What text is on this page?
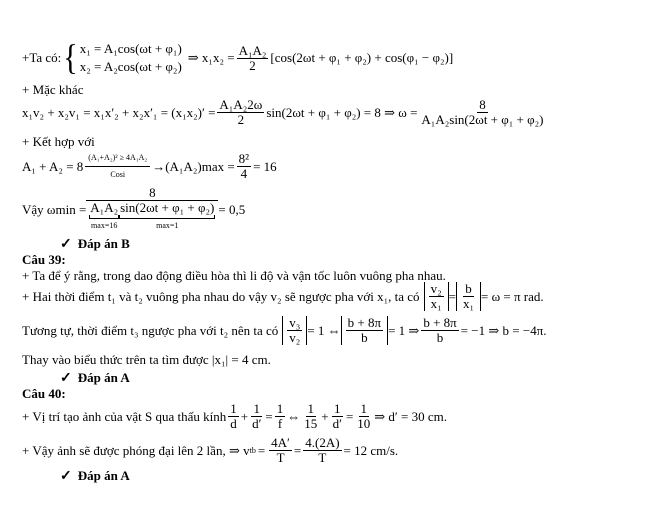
+Ta có: { x₁ = A₁cos(ωt + φ₁)
x₂ = A₂cos(ωt + φ₂)
⇒ $x_1x_2 = \frac{\text{A₁A₂}}{2} [\cos(2\omega t + \varphi_1 + \varphi_2) + \cos(\varphi_1 - \varphi_2)]$
+ Mặc khác
$x_1v_2 + x_2v_1 = x_1x'_2 + x_2x'_1 = (x_1x_2)' = \frac{\text{A₁A₂2ω}}{2} \sin(2\omega t + \varphi_1 + \varphi_2) = 8$ ⇒ $\omega = \frac{8}{\text{A₁A₂sin(2ωt + φ₁ + φ₂)}}$
+ Kết hợp với
$A_1 + A_2 = 8 \frac{\text{(A₁+A₂)² ≥ 4A₁A₂}}{\text{Cosi}} \to (A_1A_2)\max = \frac{\text{8²}}{4} = 16$
Vậy ωmin =
8
A₁A₂
max=16
sin(2ωt + φ₁ + φ₂)
max=1
= 0,5
✓ Đáp án B
Câu 39:
+ Ta để ý rằng, trong dao động điều hòa thì li độ và vận tốc luôn vuông pha nhau.
+ Hai thời điểm t₁ và t₂ vuông pha nhau do vậy v₂ sẽ ngược pha với x₁, ta có $\frac{\text{v₂}}{\text{x₁}} = \frac{b}{\text{x₁}} = \omega = \pi$ rad.
Tương tự, thời điểm t₃ ngược pha với t₂ nên ta có $\frac{\text{v₃}}{\text{v₂}} = 1$ ⇔ $\frac{b + 8\pi}{b} = 1$ ⇒ $\frac{b + 8\pi}{b} = -1$ ⇒ b = −4π.
Thay vào biểu thức trên ta tìm được |x₁| = 4 cm.
✓ Đáp án A
Câu 40:
+ Vị trí tạo ảnh của vật S qua thấu kính $\frac{1}{d} + \frac{1}{d'} = \frac{1}{f}$ ⇔ $\frac{1}{15} + \frac{1}{d'} = \frac{1}{10}$ ⇒ d′ = 30 cm.
+ Vậy ảnh sẽ được phóng đại lên 2 lần, ⇒ v tb = $\frac{4A'}{T} = \frac{4.(2A)}{T} = 12$ cm/s.
✓ Đáp án A
